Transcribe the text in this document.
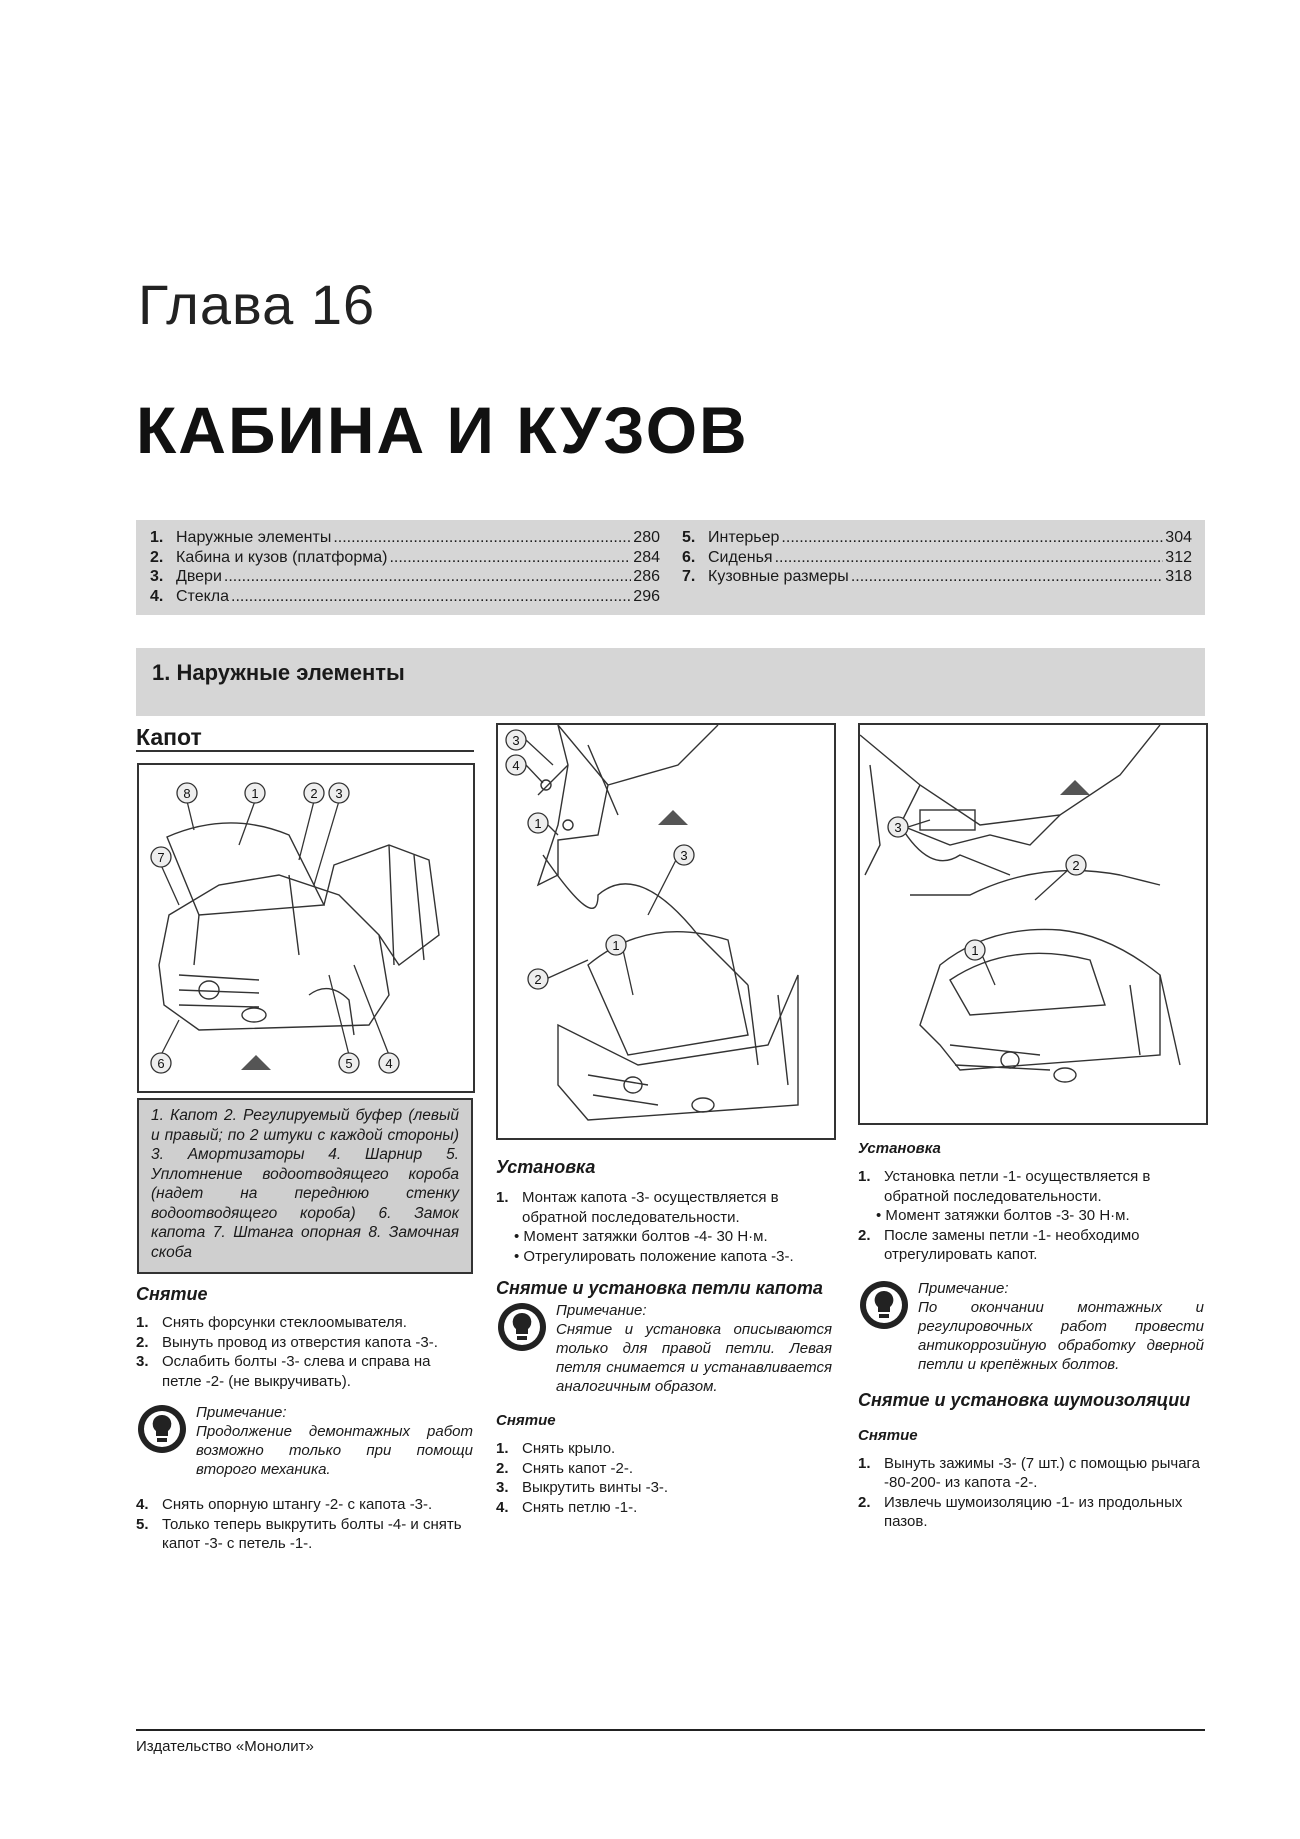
Глава 16
КАБИНА И КУЗОВ
1. Наружные элементы .....	280
2. Кабина и кузов (платформа) .....	284
3. Двери .....	286
4. Стекла .....	296
5. Интерьер .....	304
6. Сиденья .....	312
7. Кузовные размеры .....	318
1. Наружные элементы
Капот
8	1	2 3
7
6	5	4
1. Капот 2. Регулируемый буфер (левый и правый; по 2 штуки с каждой стороны) 3. Амортизаторы 4. Шарнир 5. Уплотнение водоотводящего короба (надет на переднюю стенку водоотводящего короба) 6. Замок капота 7. Штанга опорная 8. Замочная скоба
Снятие
1. Снять форсунки стеклоомывателя.
2. Вынуть провод из отверстия капота -3-.
3. Ослабить болты -3- слева и справа на петле -2- (не выкручивать).
Примечание:
Продолжение демонтажных работ возможно только при помощи второго механика.
4. Снять опорную штангу -2- с капота -3-.
5. Только теперь выкрутить болты -4- и снять капот -3- с петель -1-.
3
4
1
3
2
1
Установка
1. Монтаж капота -3- осуществляется в обратной последовательности.
• Момент затяжки болтов -4- 30 Н·м.
• Отрегулировать положение капота -3-.
Снятие и установка петли капота
Примечание:
Снятие и установка описываются только для правой петли. Левая петля снимается и устанавливается аналогичным образом.
Снятие
1. Снять крыло.
2. Снять капот -2-.
3. Выкрутить винты -3-.
4. Снять петлю -1-.
3
2
1
Установка
1. Установка петли -1- осуществляется в обратной последовательности.
• Момент затяжки болтов -3- 30 Н·м.
2. После замены петли -1- необходимо отрегулировать капот.
Примечание:
По окончании монтажных и регулировочных работ провести антикоррозийную обработку дверной петли и крепёжных болтов.
Снятие и установка шумоизоляции
Снятие
1. Вынуть зажимы -3- (7 шт.) с помощью рычага -80-200- из капота -2-.
2. Извлечь шумоизоляцию -1- из продольных пазов.
Издательство «Монолит»
